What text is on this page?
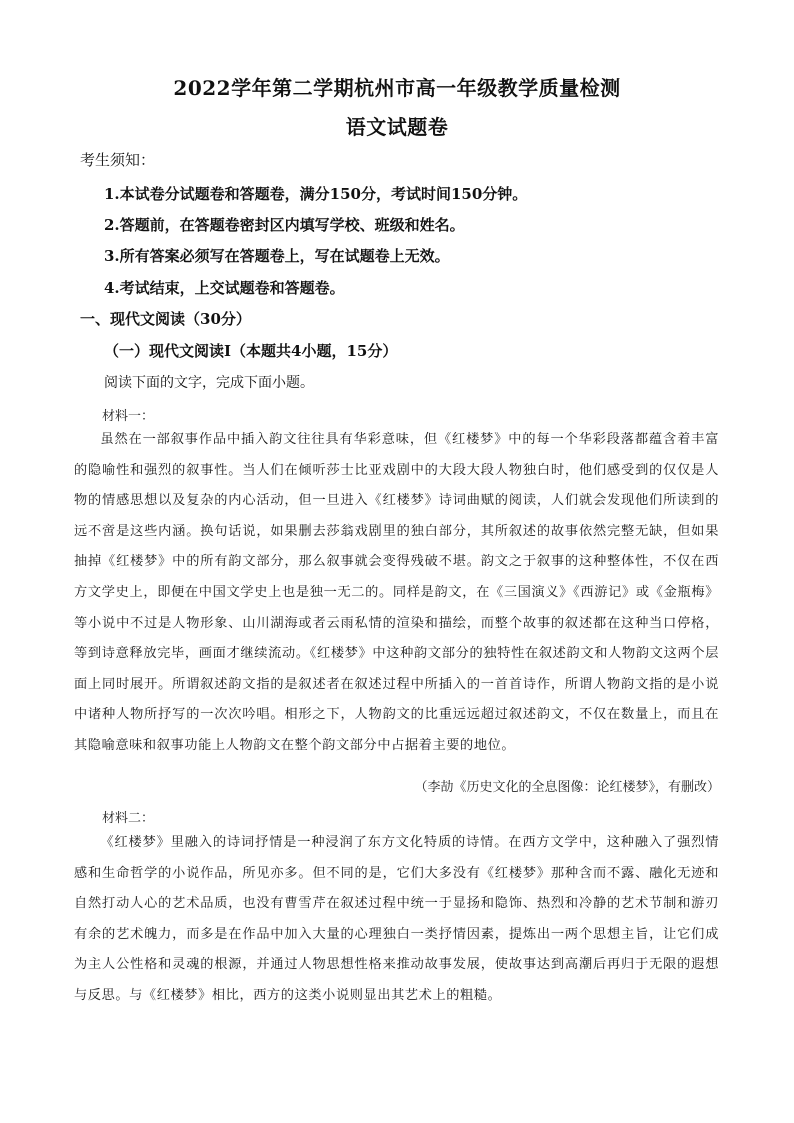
2022学年第二学期杭州市高一年级教学质量检测
语文试题卷
考生须知：
1.本试卷分试题卷和答题卷，满分150分，考试时间150分钟。
2.答题前，在答题卷密封区内填写学校、班级和姓名。
3.所有答案必须写在答题卷上，写在试题卷上无效。
4.考试结束，上交试题卷和答题卷。
一、现代文阅读（30分）
（一）现代文阅读Ⅰ（本题共4小题，15分）
阅读下面的文字，完成下面小题。
材料一：

虽然在一部叙事作品中插入韵文往往具有华彩意味，但《红楼梦》中的每一个华彩段落都蕴含着丰富的隐喻性和强烈的叙事性。当人们在倾听莎士比亚戏剧中的大段大段人物独白时，他们感受到的仅仅是人物的情感思想以及复杂的内心活动，但一旦进入《红楼梦》诗词曲赋的阅读，人们就会发现他们所读到的远不啻是这些内涵。换句话说，如果删去莎翁戏剧里的独白部分，其所叙述的故事依然完整无缺，但如果抽掉《红楼梦》中的所有韵文部分，那么叙事就会变得残破不堪。韵文之于叙事的这种整体性，不仅在西方文学史上，即便在中国文学史上也是独一无二的。同样是韵文，在《三国演义》《西游记》或《金瓶梅》等小说中不过是人物形象、山川湖海或者云雨私情的渲染和描绘，而整个故事的叙述都在这种当口停格，等到诗意释放完毕，画面才继续流动。《红楼梦》中这种韵文部分的独特性在叙述韵文和人物韵文这两个层面上同时展开。所谓叙述韵文指的是叙述者在叙述过程中所插入的一首首诗作，所谓人物韵文指的是小说中诸种人物所抒写的一次次吟唱。相形之下，人物韵文的比重远远超过叙述韵文，不仅在数量上，而且在其隐喻意味和叙事功能上人物韵文在整个韵文部分中占据着主要的地位。

（李劼《历史文化的全息图像：论红楼梦》，有删改）
材料二：

《红楼梦》里融入的诗词抒情是一种浸润了东方文化特质的诗情。在西方文学中，这种融入了强烈情感和生命哲学的小说作品，所见亦多。但不同的是，它们大多没有《红楼梦》那种含而不露、融化无迹和自然打动人心的艺术品质，也没有曹雪芹在叙述过程中统一于显扬和隐饰、热烈和冷静的艺术节制和游刃有余的艺术魄力，而多是在作品中加入大量的心理独白一类抒情因素，提炼出一两个思想主旨，让它们成为主人公性格和灵魂的根源，并通过人物思想性格来推动故事发展，使故事达到高潮后再归于无限的遐想与反思。与《红楼梦》相比，西方的这类小说则显出其艺术上的粗糙。
